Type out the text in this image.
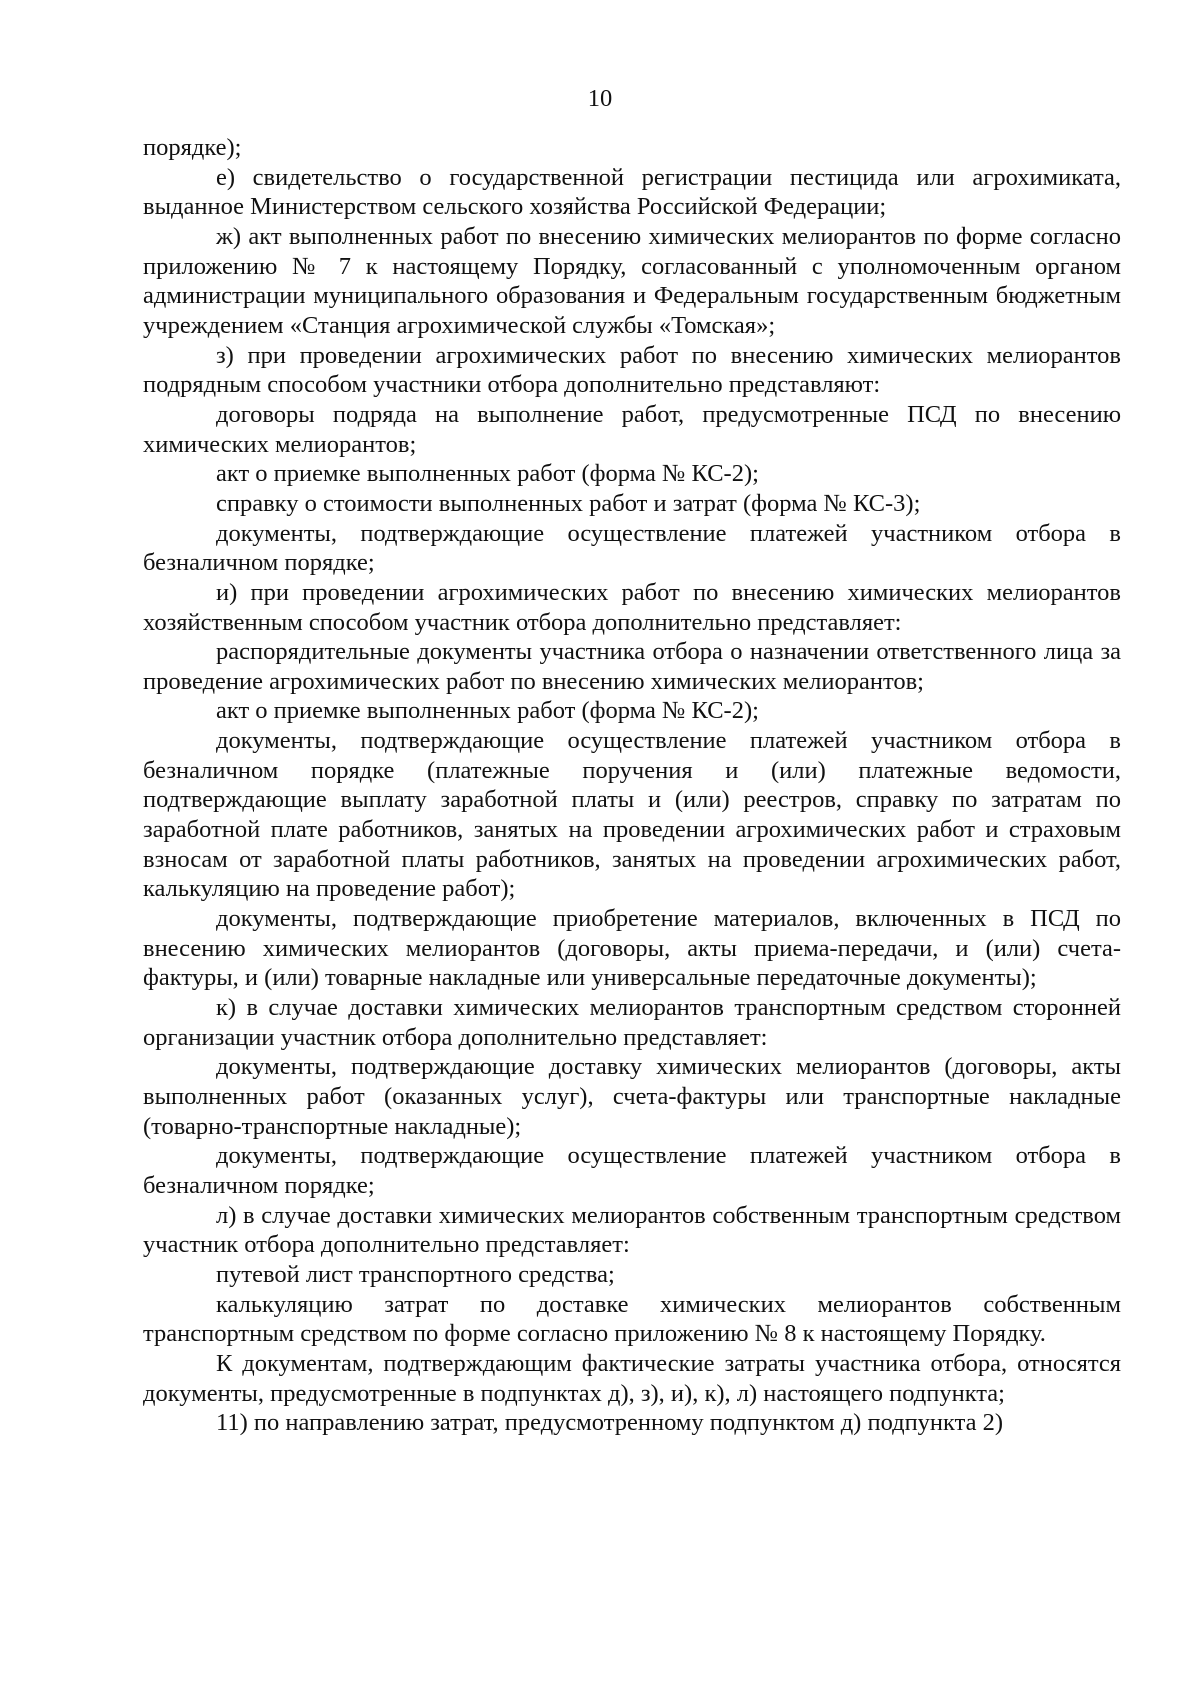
10

порядке);

е) свидетельство о государственной регистрации пестицида или агрохимиката, выданное Министерством сельского хозяйства Российской Федерации;

ж) акт выполненных работ по внесению химических мелиорантов по форме согласно приложению № 7 к настоящему Порядку, согласованный с уполномоченным органом администрации муниципального образования и Федеральным государственным бюджетным учреждением «Станция агрохимической службы «Томская»;

з) при проведении агрохимических работ по внесению химических мелиорантов подрядным способом участники отбора дополнительно представляют:

договоры подряда на выполнение работ, предусмотренные ПСД по внесению химических мелиорантов;

акт о приемке выполненных работ (форма № КС-2);

справку о стоимости выполненных работ и затрат (форма № КС-3);

документы, подтверждающие осуществление платежей участником отбора в безналичном порядке;

и) при проведении агрохимических работ по внесению химических мелиорантов хозяйственным способом участник отбора дополнительно представляет:

распорядительные документы участника отбора о назначении ответственного лица за проведение агрохимических работ по внесению химических мелиорантов;

акт о приемке выполненных работ (форма № КС-2);

документы, подтверждающие осуществление платежей участником отбора в безналичном порядке (платежные поручения и (или) платежные ведомости, подтверждающие выплату заработной платы и (или) реестров, справку по затратам по заработной плате работников, занятых на проведении агрохимических работ и страховым взносам от заработной платы работников, занятых на проведении агрохимических работ, калькуляцию на проведение работ);

документы, подтверждающие приобретение материалов, включенных в ПСД по внесению химических мелиорантов (договоры, акты приема-передачи, и (или) счета-фактуры, и (или) товарные накладные или универсальные передаточные документы);

к) в случае доставки химических мелиорантов транспортным средством сторонней организации участник отбора дополнительно представляет:

документы, подтверждающие доставку химических мелиорантов (договоры, акты выполненных работ (оказанных услуг), счета-фактуры или транспортные накладные (товарно-транспортные накладные);

документы, подтверждающие осуществление платежей участником отбора в безналичном порядке;

л) в случае доставки химических мелиорантов собственным транспортным средством участник отбора дополнительно представляет:

путевой лист транспортного средства;

калькуляцию затрат по доставке химических мелиорантов собственным транспортным средством по форме согласно приложению № 8 к настоящему Порядку.

К документам, подтверждающим фактические затраты участника отбора, относятся документы, предусмотренные в подпунктах д), з), и), к), л) настоящего подпункта;

11) по направлению затрат, предусмотренному подпунктом д) подпункта 2)
